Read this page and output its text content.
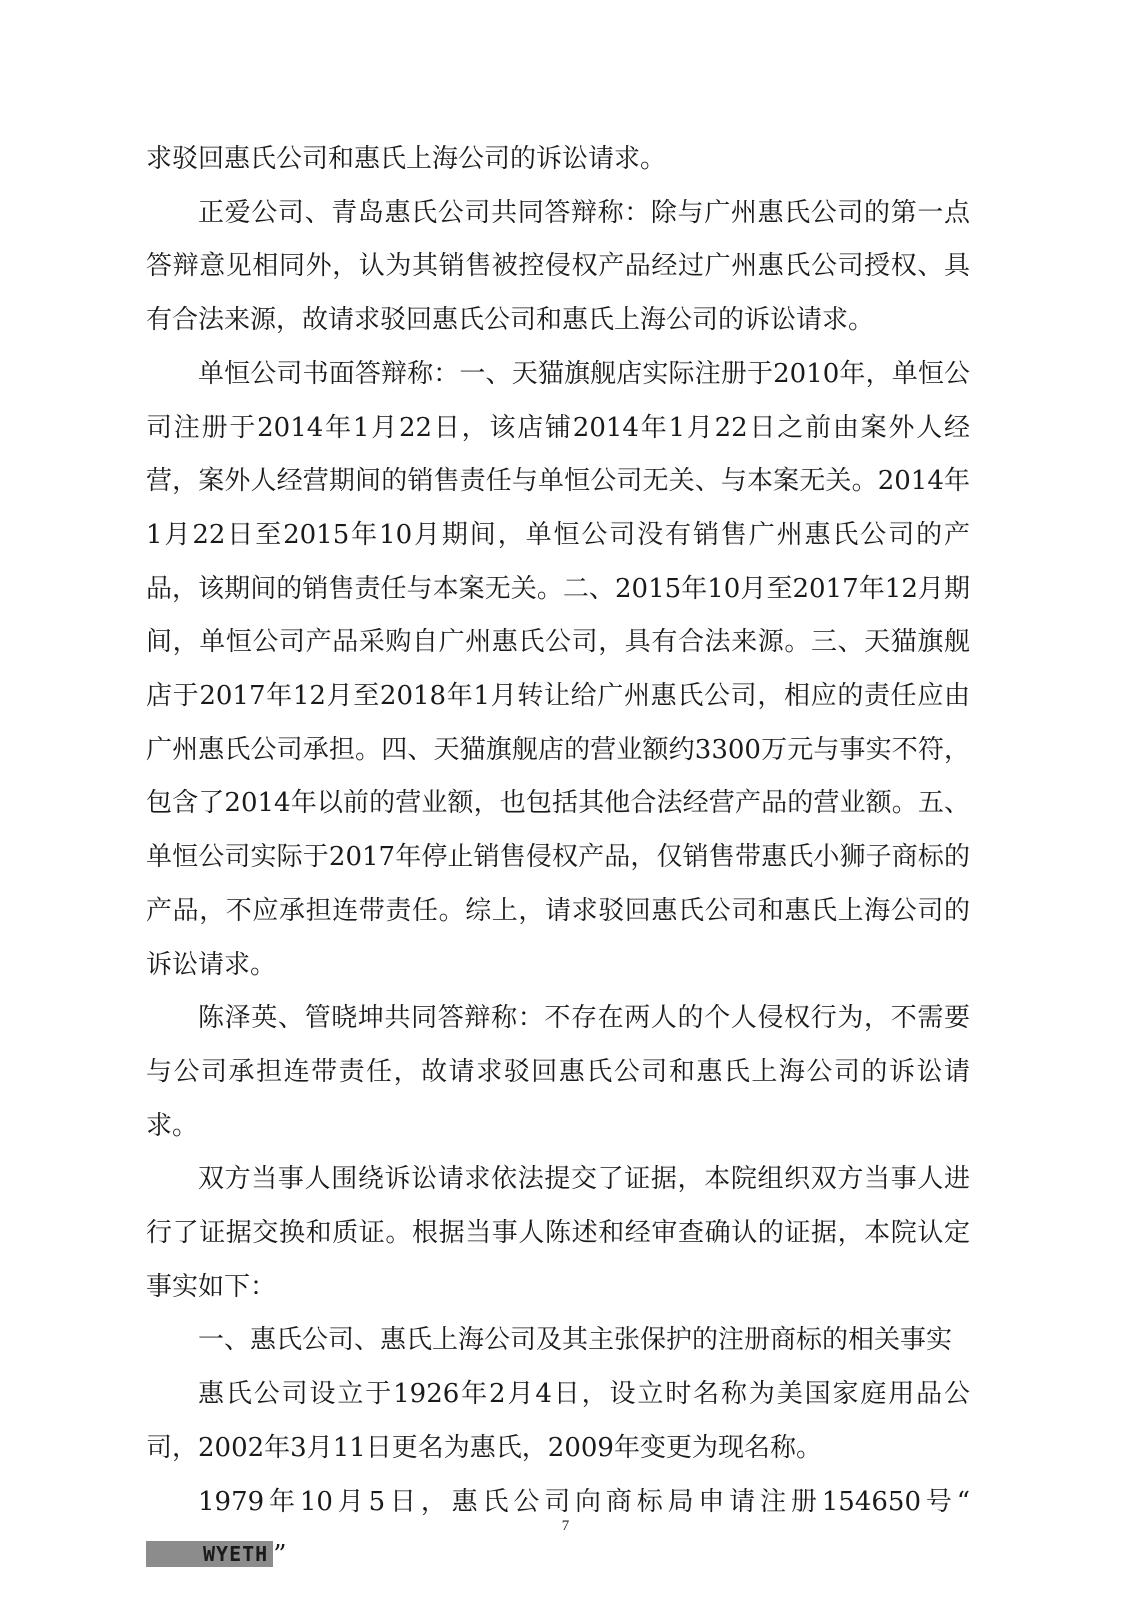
求驳回惠氏公司和惠氏上海公司的诉讼请求。

正爱公司、青岛惠氏公司共同答辩称：除与广州惠氏公司的第一点答辩意见相同外，认为其销售被控侵权产品经过广州惠氏公司授权、具有合法来源，故请求驳回惠氏公司和惠氏上海公司的诉讼请求。

单恒公司书面答辩称：一、天猫旗舰店实际注册于2010年，单恒公司注册于2014年1月22日，该店铺2014年1月22日之前由案外人经营，案外人经营期间的销售责任与单恒公司无关、与本案无关。2014年1月22日至2015年10月期间，单恒公司没有销售广州惠氏公司的产品，该期间的销售责任与本案无关。二、2015年10月至2017年12月期间，单恒公司产品采购自广州惠氏公司，具有合法来源。三、天猫旗舰店于2017年12月至2018年1月转让给广州惠氏公司，相应的责任应由广州惠氏公司承担。四、天猫旗舰店的营业额约3300万元与事实不符，包含了2014年以前的营业额，也包括其他合法经营产品的营业额。五、单恒公司实际于2017年停止销售侵权产品，仅销售带惠氏小狮子商标的产品，不应承担连带责任。综上，请求驳回惠氏公司和惠氏上海公司的诉讼请求。

陈泽英、管晓坤共同答辩称：不存在两人的个人侵权行为，不需要与公司承担连带责任，故请求驳回惠氏公司和惠氏上海公司的诉讼请求。

双方当事人围绕诉讼请求依法提交了证据，本院组织双方当事人进行了证据交换和质证。根据当事人陈述和经审查确认的证据，本院认定事实如下：

一、惠氏公司、惠氏上海公司及其主张保护的注册商标的相关事实

惠氏公司设立于1926年2月4日，设立时名称为美国家庭用品公司，2002年3月11日更名为惠氏，2009年变更为现名称。

1979年10月5日，惠氏公司向商标局申请注册154650号“WYETH ”

7
